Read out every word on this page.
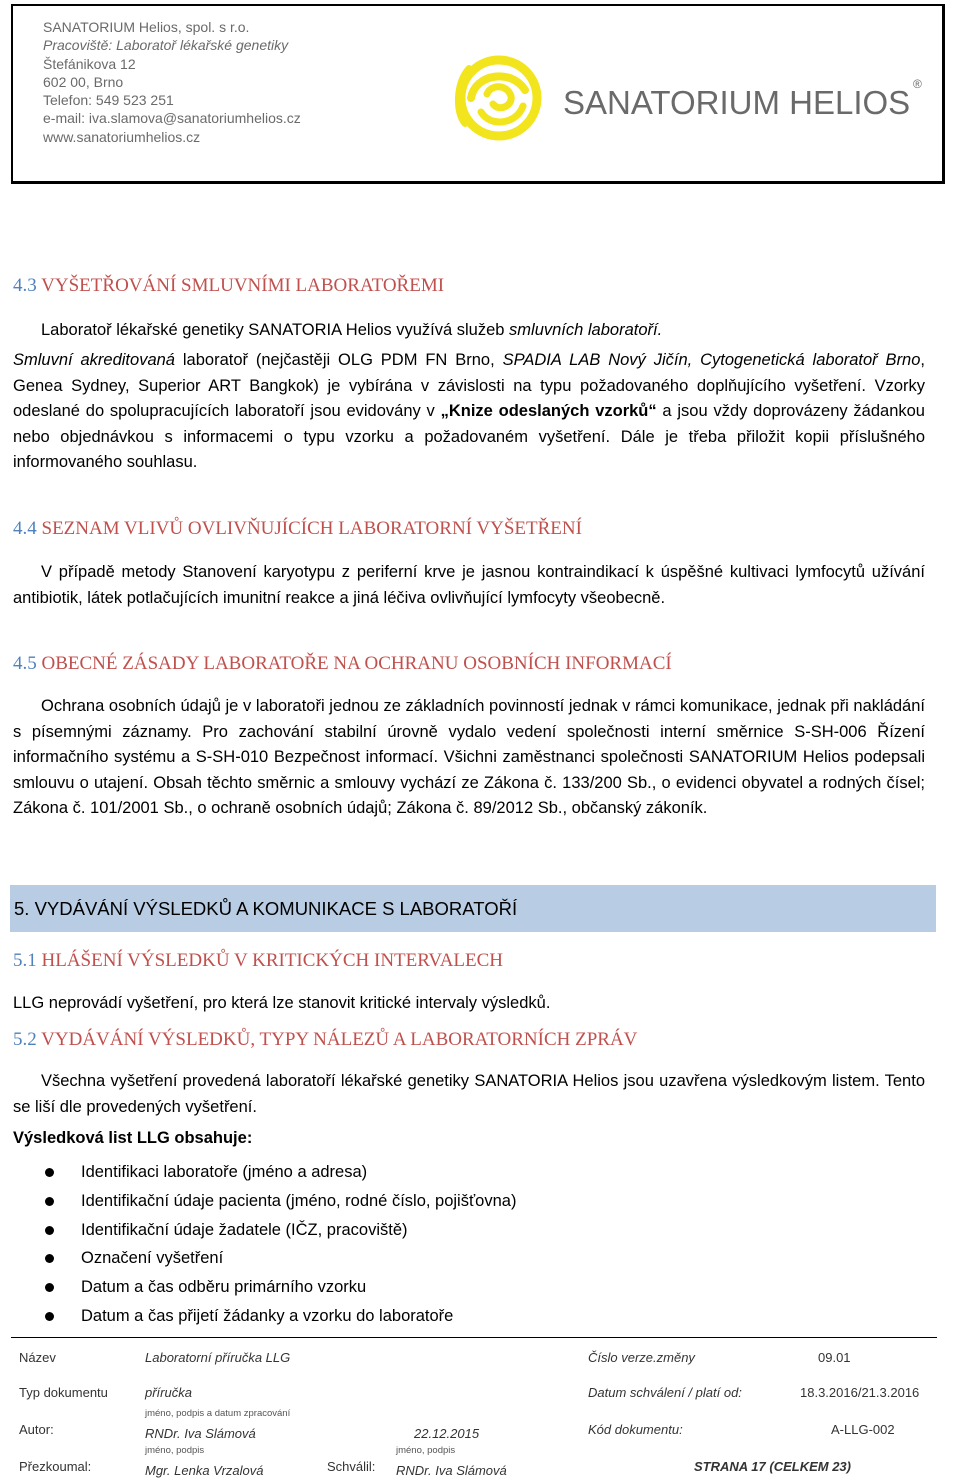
SANATORIUM Helios, spol. s r.o.
Pracoviště: Laboratoř lékařské genetiky
Štefánikova 12
602 00, Brno
Telefon: 549 523 251
e-mail: iva.slamova@sanatoriumhelios.cz
www.sanatoriumhelios.cz
SANATORIUM HELIOS ®
4.3 VYŠETŘOVÁNÍ SMLUVNÍMI LABORATOŘEMI
Laboratoř lékařské genetiky SANATORIA Helios využívá služeb smluvních laboratoří.
Smluvní akreditovaná laboratoř (nejčastěji OLG PDM FN Brno, SPADIA LAB Nový Jičín, Cytogenetická laboratoř Brno, Genea Sydney, Superior ART Bangkok) je vybírána v závislosti na typu požadovaného doplňujícího vyšetření. Vzorky odeslané do spolupracujících laboratoří jsou evidovány v „Knize odeslaných vzorků“ a jsou vždy doprovázeny žádankou nebo objednávkou s informacemi o typu vzorku a požadovaném vyšetření. Dále je třeba přiložit kopii příslušného informovaného souhlasu.
4.4 SEZNAM VLIVŮ OVLIVŇUJÍCÍCH LABORATORNÍ VYŠETŘENÍ
V případě metody Stanovení karyotypu z periferní krve je jasnou kontraindikací k úspěšné kultivaci lymfocytů užívání antibiotik, látek potlačujících imunitní reakce a jiná léčiva ovlivňující lymfocyty všeobecně.
4.5 OBECNÉ ZÁSADY LABORATOŘE NA OCHRANU OSOBNÍCH INFORMACÍ
Ochrana osobních údajů je v laboratoři jednou ze základních povinností jednak v rámci komunikace, jednak při nakládání s písemnými záznamy. Pro zachování stabilní úrovně vydalo vedení společnosti interní směrnice S-SH-006 Řízení informačního systému a S-SH-010 Bezpečnost informací. Všichni zaměstnanci společnosti SANATORIUM Helios podepsali smlouvu o utajení. Obsah těchto směrnic a smlouvy vychází ze Zákona č. 133/200 Sb., o evidenci obyvatel a rodných čísel; Zákona č. 101/2001 Sb., o ochraně osobních údajů; Zákona č. 89/2012 Sb., občanský zákoník.
5. VYDÁVÁNÍ VÝSLEDKŮ A KOMUNIKACE S LABORATOŘÍ
5.1 HLÁŠENÍ VÝSLEDKŮ V KRITICKÝCH INTERVALECH
LLG neprovádí vyšetření, pro která lze stanovit kritické intervaly výsledků.
5.2 VYDÁVÁNÍ VÝSLEDKŮ, TYPY NÁLEZŮ A LABORATORNÍCH ZPRÁV
Všechna vyšetření provedená laboratoří lékařské genetiky SANATORIA Helios jsou uzavřena výsledkovým listem. Tento se liší dle provedených vyšetření.
Výsledková list LLG obsahuje:
Identifikaci laboratoře (jméno a adresa)
Identifikační údaje pacienta (jméno, rodné číslo, pojišťovna)
Identifikační údaje žadatele (IČZ, pracoviště)
Označení vyšetření
Datum a čas odběru primárního vzorku
Datum a čas přijetí žádanky a vzorku do laboratoře
Název	Laboratorní příručka LLG	Číslo verze.změny	09.01
Typ dokumentu	příručka	Datum schválení / platí od:	18.3.2016/21.3.2016
jméno, podpis a datum zpracování
Autor:	RNDr. Iva Slámová	22.12.2015	Kód dokumentu:	A-LLG-002
jméno, podpis	jméno, podpis
Přezkoumal:	Mgr. Lenka Vrzalová	Schválil: RNDr. Iva Slámová	STRANA 17 (CELKEM 23)
